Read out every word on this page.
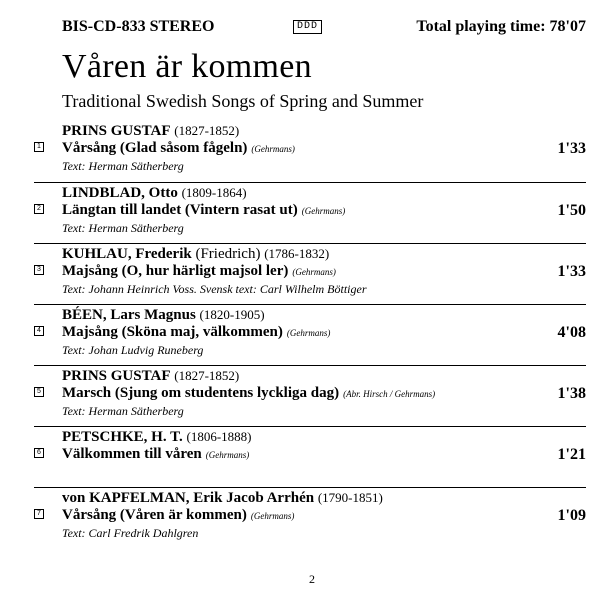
BIS-CD-833 STEREO	DDD	Total playing time: 78'07
Våren är kommen
Traditional Swedish Songs of Spring and Summer
PRINS GUSTAF (1827-1852)
1 Vårsång (Glad såsom fågeln) (Gehrmans)	1'33
Text: Herman Sätherberg
LINDBLAD, Otto (1809-1864)
2 Längtan till landet (Vintern rasat ut) (Gehrmans)	1'50
Text: Herman Sätherberg
KUHLAU, Frederik (Friedrich) (1786-1832)
3 Majsång (O, hur härligt majsol ler) (Gehrmans)	1'33
Text: Johann Heinrich Voss. Svensk text: Carl Wilhelm Böttiger
BÉEN, Lars Magnus (1820-1905)
4 Majsång (Sköna maj, välkommen) (Gehrmans)	4'08
Text: Johan Ludvig Runeberg
PRINS GUSTAF (1827-1852)
5 Marsch (Sjung om studentens lyckliga dag) (Abr. Hirsch / Gehrmans)	1'38
Text: Herman Sätherberg
PETSCHKE, H. T. (1806-1888)
6 Välkommen till våren (Gehrmans)	1'21
von KAPFELMAN, Erik Jacob Arrhén (1790-1851)
7 Vårsång (Våren är kommen) (Gehrmans)	1'09
Text: Carl Fredrik Dahlgren
2
